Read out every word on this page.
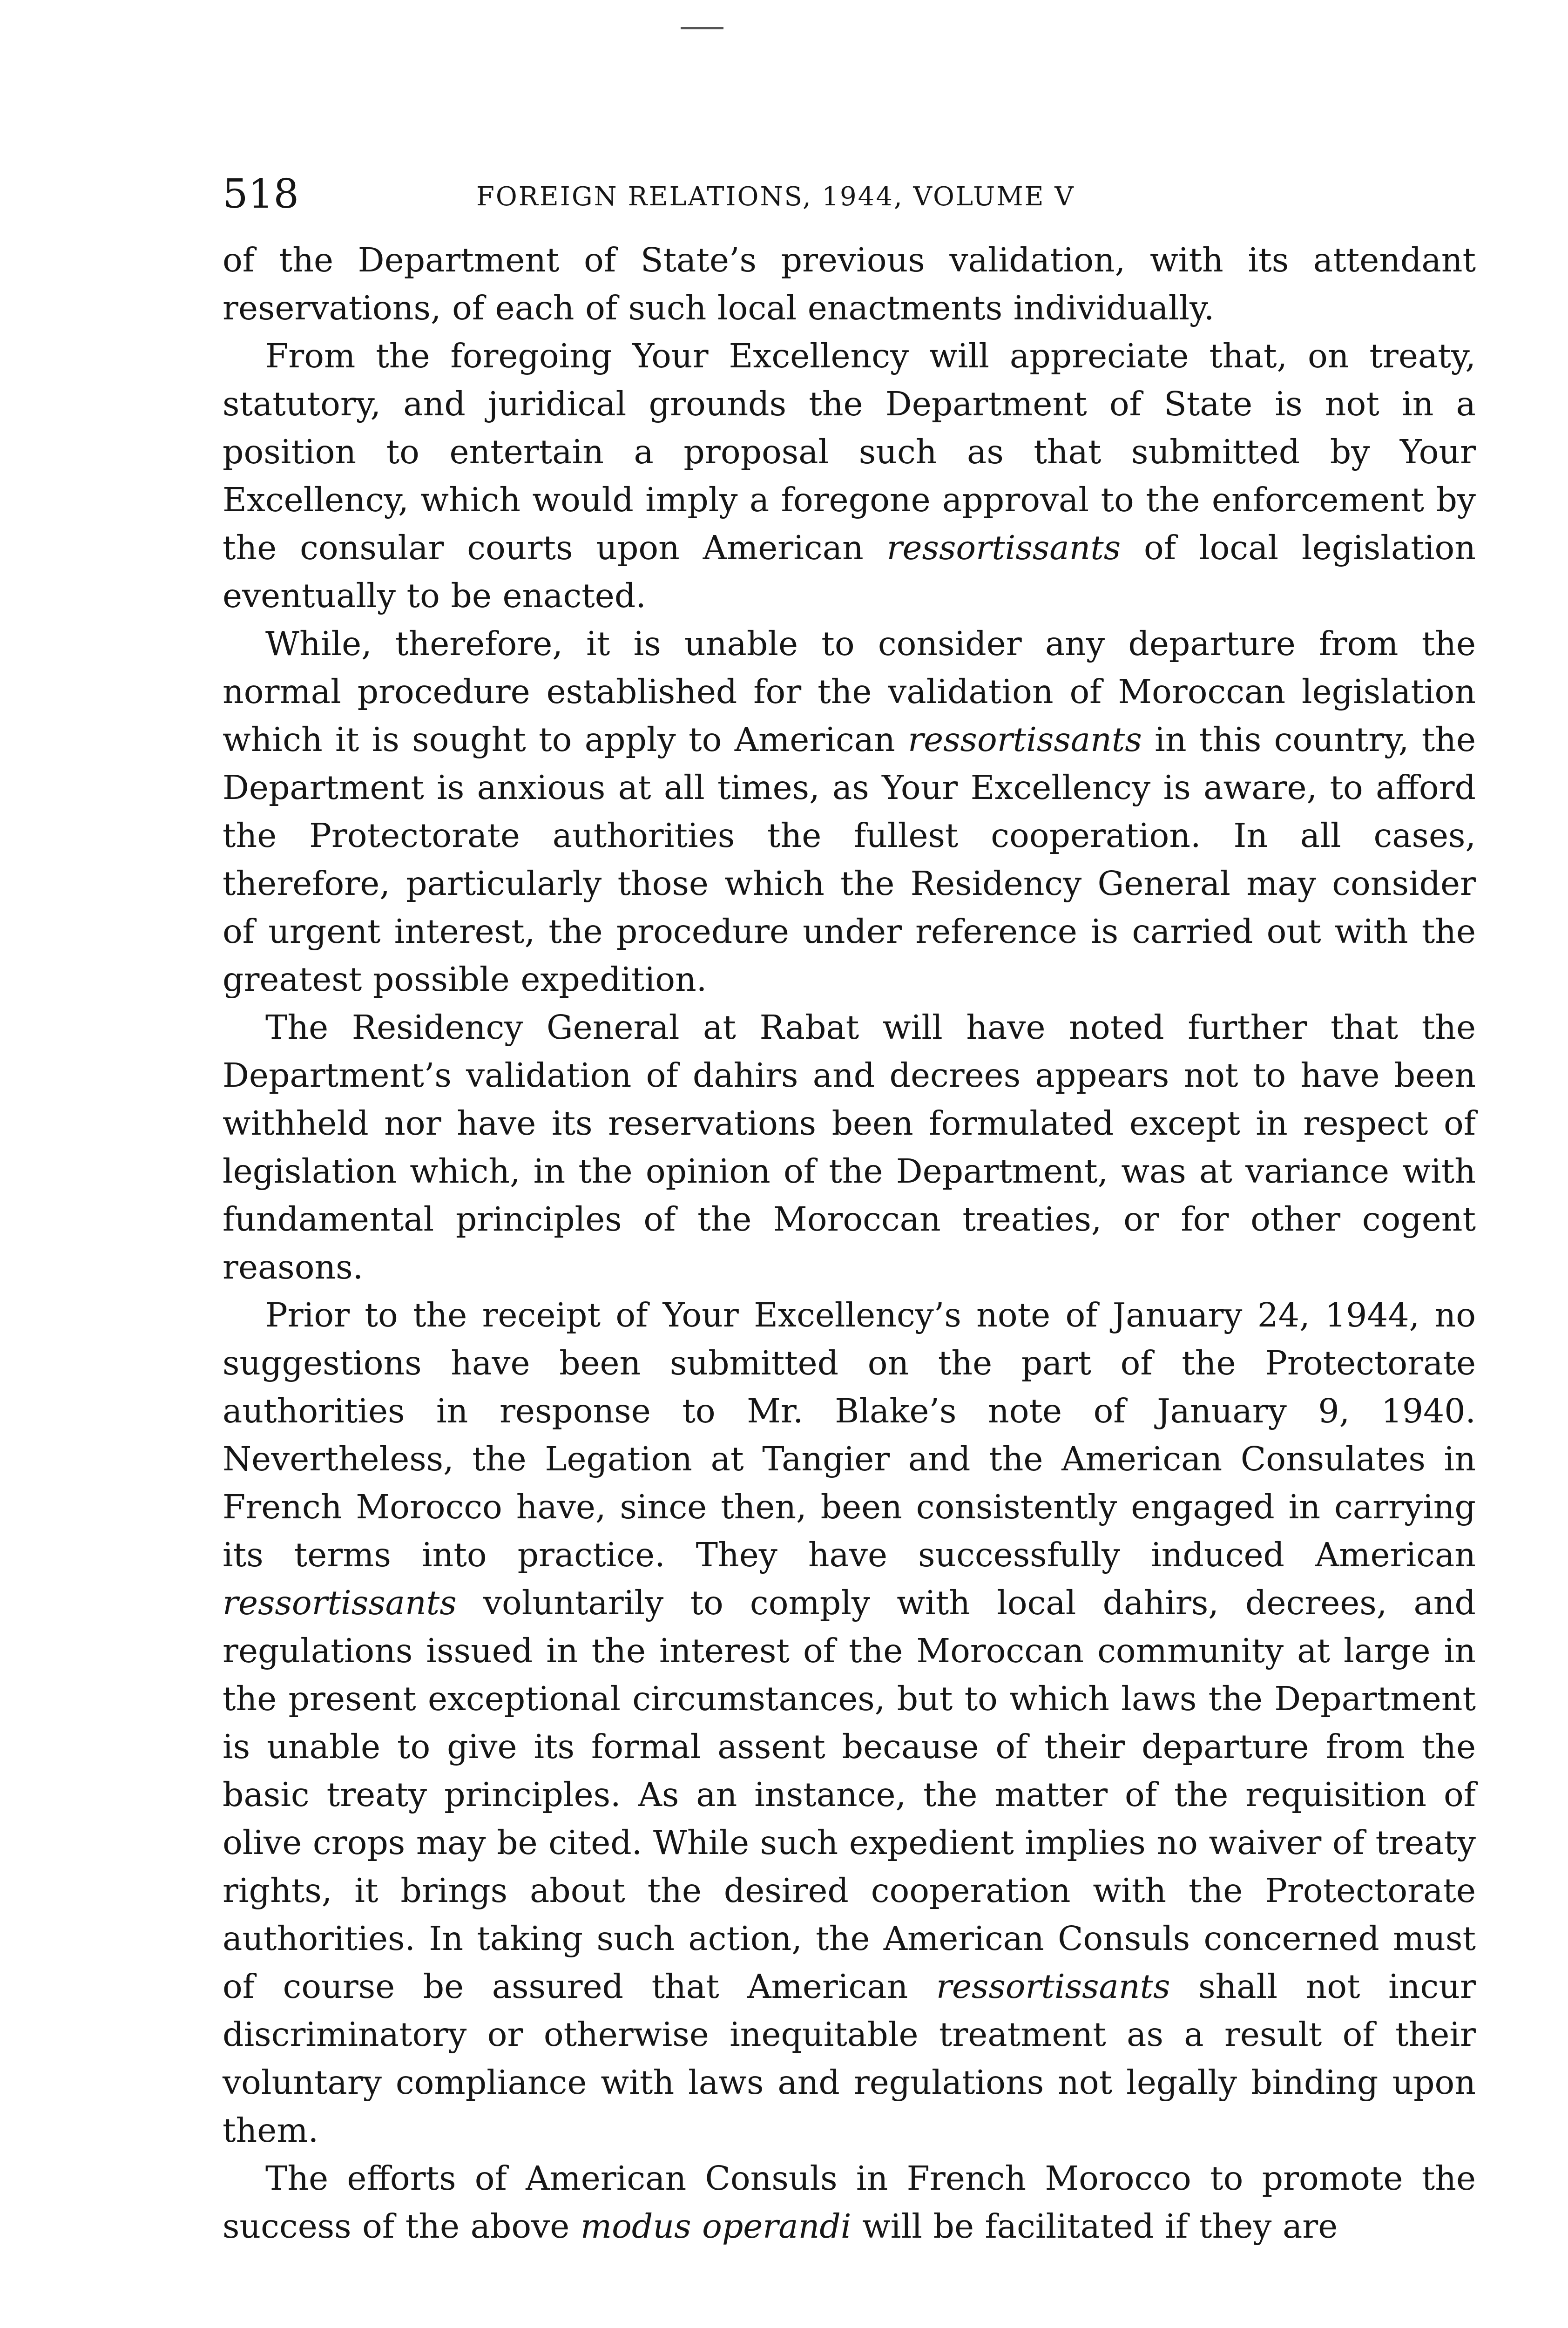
518	FOREIGN RELATIONS, 1944, VOLUME V

of the Department of State’s previous validation, with its attendant reservations, of each of such local enactments individually.

From the foregoing Your Excellency will appreciate that, on treaty, statutory, and juridical grounds the Department of State is not in a position to entertain a proposal such as that submitted by Your Excellency, which would imply a foregone approval to the enforcement by the consular courts upon American ressortissants of local legislation eventually to be enacted.

While, therefore, it is unable to consider any departure from the normal procedure established for the validation of Moroccan legislation which it is sought to apply to American ressortissants in this country, the Department is anxious at all times, as Your Excellency is aware, to afford the Protectorate authorities the fullest cooperation. In all cases, therefore, particularly those which the Residency General may consider of urgent interest, the procedure under reference is carried out with the greatest possible expedition.

The Residency General at Rabat will have noted further that the Department’s validation of dahirs and decrees appears not to have been withheld nor have its reservations been formulated except in respect of legislation which, in the opinion of the Department, was at variance with fundamental principles of the Moroccan treaties, or for other cogent reasons.

Prior to the receipt of Your Excellency’s note of January 24, 1944, no suggestions have been submitted on the part of the Protectorate authorities in response to Mr. Blake’s note of January 9, 1940. Nevertheless, the Legation at Tangier and the American Consulates in French Morocco have, since then, been consistently engaged in carrying its terms into practice. They have successfully induced American ressortissants voluntarily to comply with local dahirs, decrees, and regulations issued in the interest of the Moroccan community at large in the present exceptional circumstances, but to which laws the Department is unable to give its formal assent because of their departure from the basic treaty principles. As an instance, the matter of the requisition of olive crops may be cited. While such expedient implies no waiver of treaty rights, it brings about the desired cooperation with the Protectorate authorities. In taking such action, the American Consuls concerned must of course be assured that American ressortissants shall not incur discriminatory or otherwise inequitable treatment as a result of their voluntary compliance with laws and regulations not legally binding upon them.

The efforts of American Consuls in French Morocco to promote the success of the above modus operandi will be facilitated if they are
